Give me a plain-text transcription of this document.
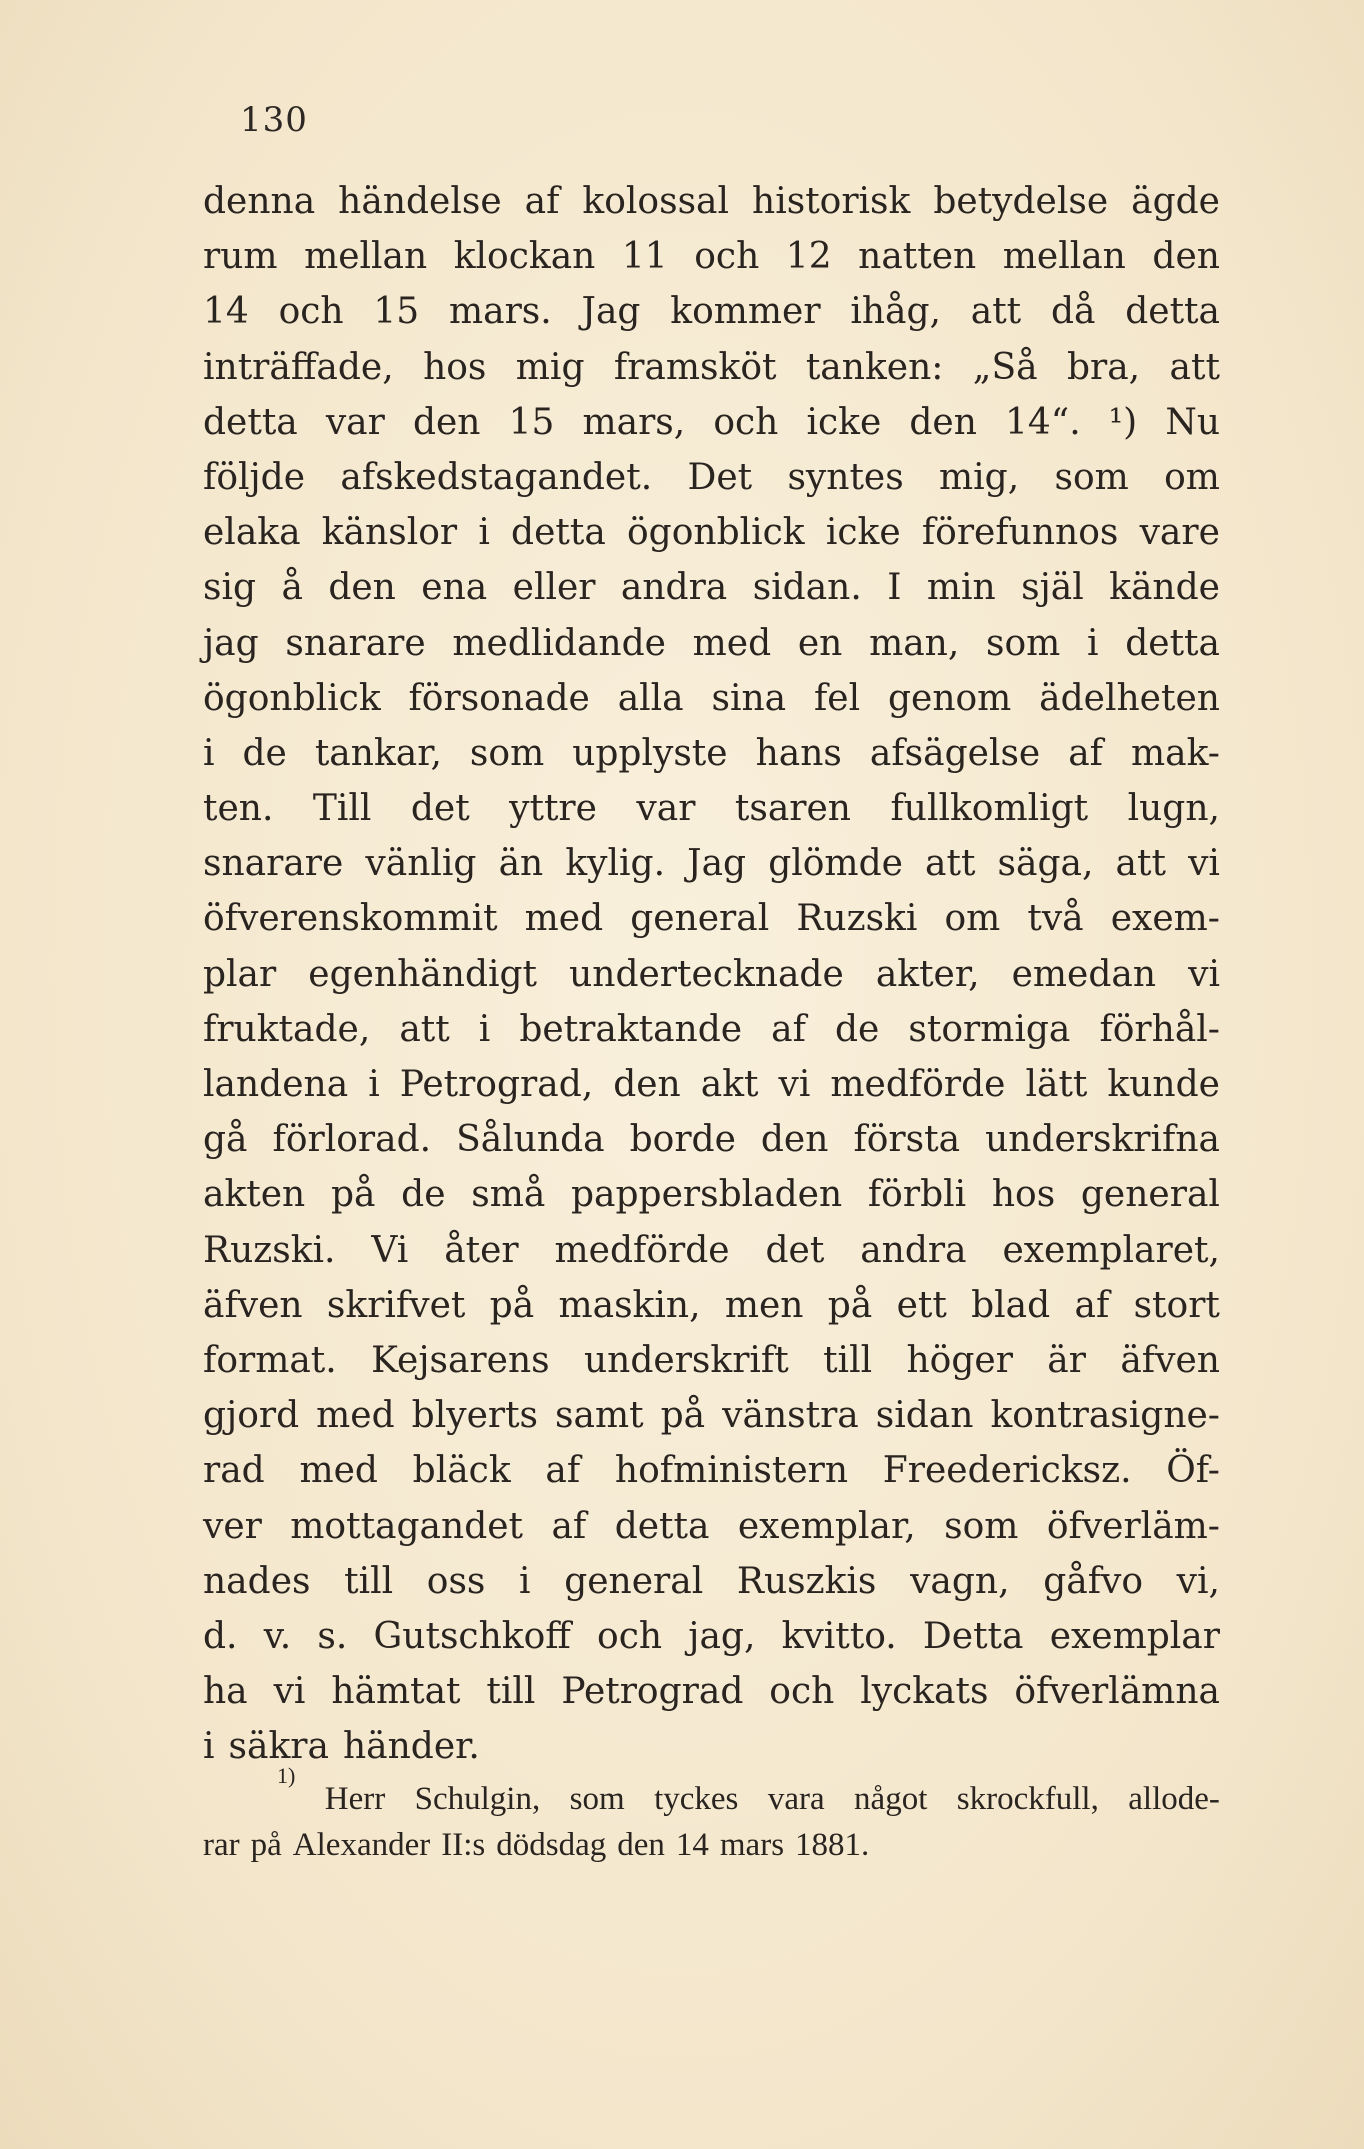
130
denna händelse af kolossal historisk betydelse ägde
rum mellan klockan 11 och 12 natten mellan den
14 och 15 mars. Jag kommer ihåg, att då detta
inträffade, hos mig framsköt tanken: „Så bra, att
detta var den 15 mars, och icke den 14“. ¹) Nu
följde afskedstagandet. Det syntes mig, som om
elaka känslor i detta ögonblick icke förefunnos vare
sig å den ena eller andra sidan. I min själ kände
jag snarare medlidande med en man, som i detta
ögonblick försonade alla sina fel genom ädelheten
i de tankar, som upplyste hans afsägelse af mak-
ten. Till det yttre var tsaren fullkomligt lugn,
snarare vänlig än kylig. Jag glömde att säga, att vi
öfverenskommit med general Ruzski om två exem-
plar egenhändigt undertecknade akter, emedan vi
fruktade, att i betraktande af de stormiga förhål-
landena i Petrograd, den akt vi medförde lätt kunde
gå förlorad. Sålunda borde den första underskrifna
akten på de små pappersbladen förbli hos general
Ruzski. Vi åter medförde det andra exemplaret,
äfven skrifvet på maskin, men på ett blad af stort
format. Kejsarens underskrift till höger är äfven
gjord med blyerts samt på vänstra sidan kontrasigne-
rad med bläck af hofministern Freedericksz. Öf-
ver mottagandet af detta exemplar, som öfverläm-
nades till oss i general Ruszkis vagn, gåfvo vi,
d. v. s. Gutschkoff och jag, kvitto. Detta exemplar
ha vi hämtat till Petrograd och lyckats öfverlämna
i säkra händer.
1)
Herr Schulgin, som tyckes vara något skrockfull, allode-
rar på Alexander II:s dödsdag den 14 mars 1881.
